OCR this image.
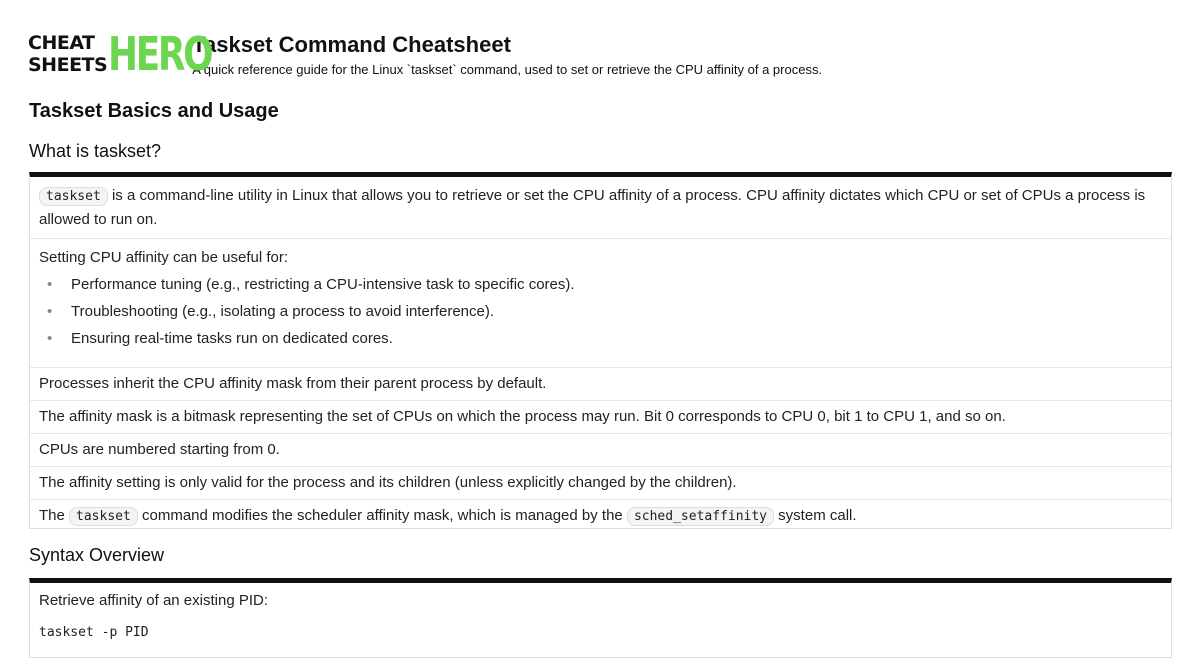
CHEAT
SHEETS HERO
Taskset Command Cheatsheet
A quick reference guide for the Linux `taskset` command, used to set or retrieve the CPU affinity of a process.
Taskset Basics and Usage
What is taskset?
taskset is a command-line utility in Linux that allows you to retrieve or set the CPU affinity of a process. CPU affinity dictates which CPU or set of CPUs a process is allowed to run on.
Setting CPU affinity can be useful for:
• Performance tuning (e.g., restricting a CPU-intensive task to specific cores).
• Troubleshooting (e.g., isolating a process to avoid interference).
• Ensuring real-time tasks run on dedicated cores.
Processes inherit the CPU affinity mask from their parent process by default.
The affinity mask is a bitmask representing the set of CPUs on which the process may run. Bit 0 corresponds to CPU 0, bit 1 to CPU 1, and so on.
CPUs are numbered starting from 0.
The affinity setting is only valid for the process and its children (unless explicitly changed by the children).
The taskset command modifies the scheduler affinity mask, which is managed by the sched_setaffinity system call.
Syntax Overview
Retrieve affinity of an existing PID:
taskset -p PID
